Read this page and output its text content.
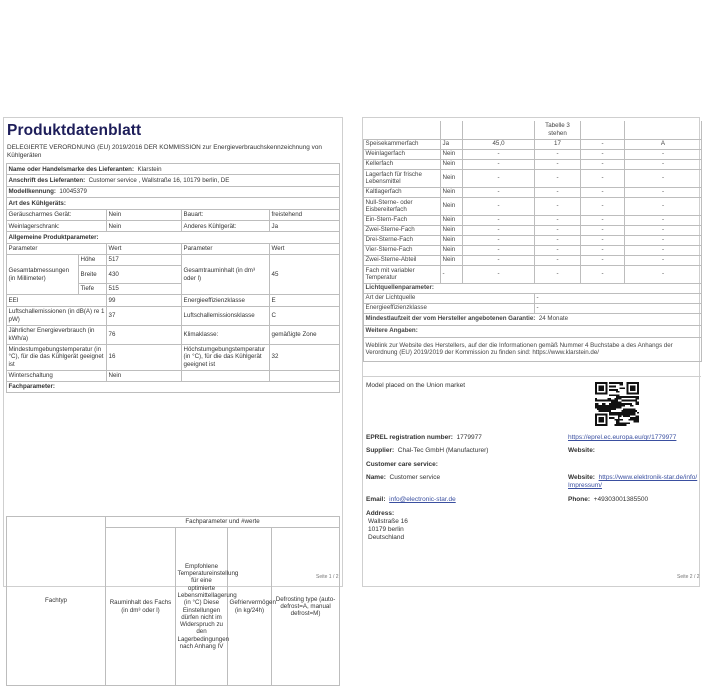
Produktdatenblatt
DELEGIERTE VERORDNUNG (EU) 2019/2016 DER KOMMISSION zur Energieverbrauchskennzeichnung von Kühlgeräten
Name oder Handelsmarke des Lieferanten: Klarstein				
Anschrift des Lieferanten: Customer service , Wallstraße 16, 10179 berlin, DE				
Modellkennung: 10045379				
Art des Kühlgeräts:				
Geräuscharmes Gerät:		Nein	Bauart:	freistehend
Weinlagerschrank:		Nein	Anderes Kühlgerät:	Ja
Allgemeine Produktparameter:				
Parameter		Wert	Parameter	Wert
Gesamtabmessungen (in Millimeter)	Höhe	517	Gesamtrauminhalt (in dm³ oder l)	45
	Breite	430		
	Tiefe	515		
EEI		99	Energieeffizienzklasse	E
Luftschallemissionen (in dB(A) re 1 pW)		37	Luftschallemissionsklasse	C
Jährlicher Energieverbrauch (in kWh/a)		76	Klimaklasse:	gemäßigte Zone
Mindestumgebungstemperatur (in °C), für die das Kühlgerät geeignet ist		16	Höchstumgebungstemperatur (in °C), für die das Kühlgerät geeignet ist	32
Winterschaltung		Nein		
Fachparameter:				
Fachtyp	Fachparameter und #werte			
	Rauminhalt des Fachs (in dm³ oder l)	Empfohlene Temperatureinstellung für eine optimierte Lebensmittellagerung (in °C) Diese Einstellungen dürfen nicht im Widerspruch zu den Lagerbedingungen nach Anhang IV	Gefriervermögen (in kg/24h)	Defrosting type (auto-defrost=A, manual defrost=M)
Seite 1 / 2
			Tabelle 3 stehen		
Speisekammerfach	Ja	45,0	17	-	A
Weinlagerfach	Nein	-	-	-	-
Kellerfach	Nein	-	-	-	-
Lagerfach für frische Lebensmittel	Nein	-	-	-	-
Kaltlagerfach	Nein	-	-	-	-
Null-Sterne- oder Eisbereiterfach	Nein	-	-	-	-
Ein-Stern-Fach	Nein	-	-	-	-
Zwei-Sterne-Fach	Nein	-	-	-	-
Drei-Sterne-Fach	Nein	-	-	-	-
Vier-Sterne-Fach	Nein	-	-	-	-
Zwei-Sterne-Abteil	Nein	-	-	-	-
Fach mit variabler Temperatur	-	-	-	-	-
Lichtquellenparameter:					
Art der Lichtquelle			-		
Energieeffizienzklasse			-		
Mindestlaufzeit der vom Hersteller angebotenen Garantie: 24 Monate					
Weitere Angaben:					
Weblink zur Website des Herstellers, auf der die Informationen gemäß Nummer 4 Buchstabe a des Anhangs der Verordnung (EU) 2019/2019 der Kommission zu finden sind: https://www.klarstein.de/					
Model placed on the Union market
EPREL registration number: 1779977	https://eprel.ec.europa.eu/qr/1779977
Supplier: Chal-Tec GmbH (Manufacturer)	Website:
Customer care service:
Name: Customer service	Website: https://www.elektronik-star.de/info/Impressum/
Email: info@electronic-star.de	Phone: +49303001385500
Address:
Wallstraße 16
10179 berlin
Deutschland
Seite 2 / 2
